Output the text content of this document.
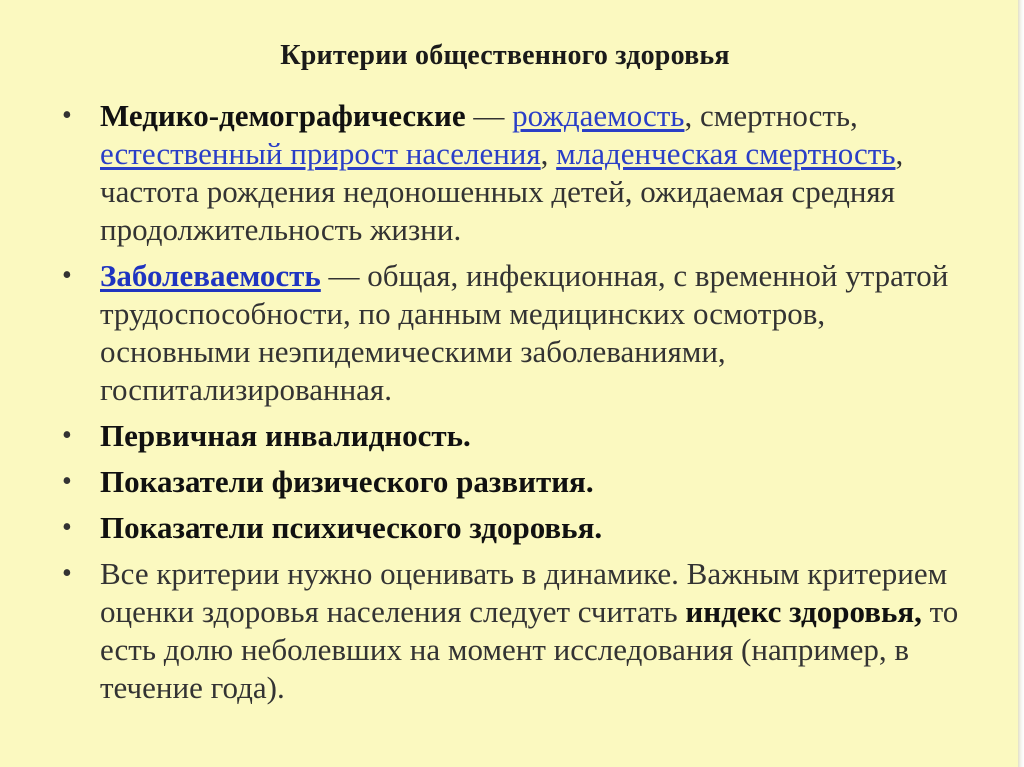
Критерии общественного здоровья
• Медико-демографические — рождаемость, смертность, естественный прирост населения, младенческая смертность, частота рождения недоношенных детей, ожидаемая средняя продолжительность жизни.
• Заболеваемость — общая, инфекционная, с временной утратой трудоспособности, по данным медицинских осмотров, основными неэпидемическими заболеваниями, госпитализированная.
• Первичная инвалидность.
• Показатели физического развития.
• Показатели психического здоровья.
• Все критерии нужно оценивать в динамике. Важным критерием оценки здоровья населения следует считать индекс здоровья, то есть долю неболевших на момент исследования (например, в течение года).
